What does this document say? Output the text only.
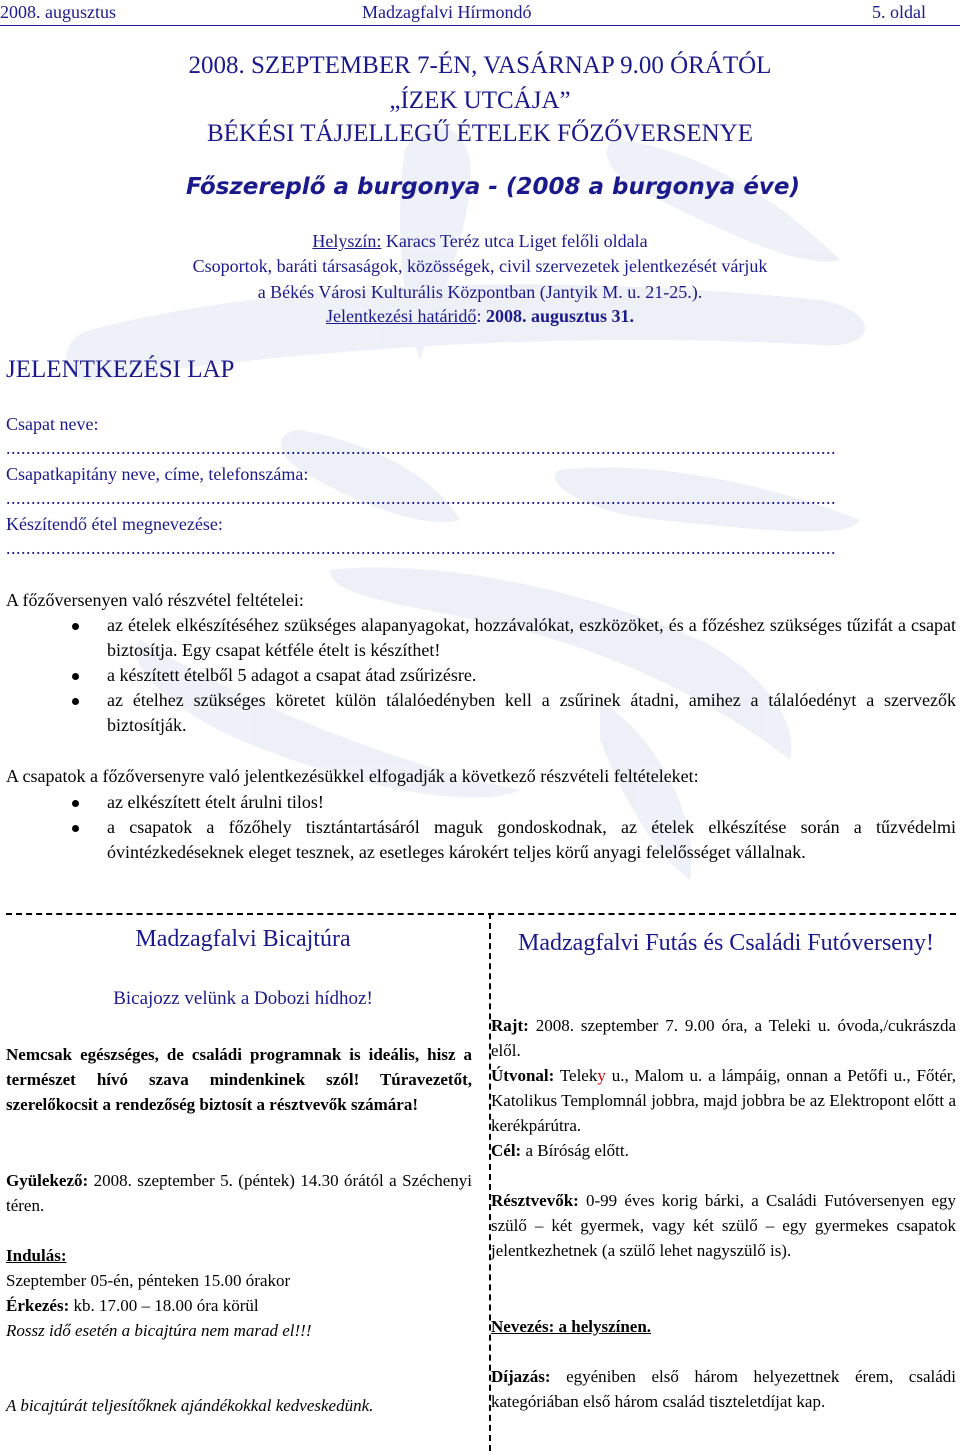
2008. augusztus	Madzagfalvi Hírmondó	5. oldal
2008. SZEPTEMBER 7-ÉN, VASÁRNAP 9.00 ÓRÁTÓL
„ÍZEK UTCÁJA”
BÉKÉSI TÁJJELLEGŰ ÉTELEK FŐZŐVERSENYE
Főszereplő a burgonya - (2008 a burgonya éve)
Helyszín: Karacs Teréz utca Liget felőli oldala
Csoportok, baráti társaságok, közösségek, civil szervezetek jelentkezését várjuk
a Békés Városi Kulturális Központban (Jantyik M. u. 21-25.).
Jelentkezési határidő: 2008. augusztus 31.
JELENTKEZÉSI LAP
Csapat neve:
......................................................................................................................................................................
Csapatkapitány neve, címe, telefonszáma:
......................................................................................................................................................................
Készítendő étel megnevezése:
......................................................................................................................................................................
A főzőversenyen való részvétel feltételei:
az ételek elkészítéséhez szükséges alapanyagokat, hozzávalókat, eszközöket, és a főzéshez szükséges tűzifát a csapat biztosítja. Egy csapat kétféle ételt is készíthet!
a készített ételből 5 adagot a csapat átad zsűrizésre.
az ételhez szükséges köretet külön tálalóedényben kell a zsűrinek átadni, amihez a tálalóedényt a szervezők biztosítják.
A csapatok a főzőversenyre való jelentkezésükkel elfogadják a következő részvételi feltételeket:
az elkészített ételt árulni tilos!
a csapatok a főzőhely tisztántartásáról maguk gondoskodnak, az ételek elkészítése során a tűzvédelmi óvintézkedéseknek eleget tesznek, az esetleges károkért teljes körű anyagi felelősséget vállalnak.
Madzagfalvi Bicajtúra
Bicajozz velünk a Dobozi hídhoz!
Nemcsak egészséges, de családi programnak is ideális, hisz a természet hívó szava mindenkinek szól! Túravezetőt, szerelőkocsit a rendezőség biztosít a résztvevők számára!
Gyülekező: 2008. szeptember 5. (péntek) 14.30 órától a Széchenyi téren.
Indulás:
Szeptember 05-én, pénteken 15.00 órakor
Érkezés: kb. 17.00 – 18.00 óra körül
Rossz idő esetén a bicajtúra nem marad el!!!
A bicajtúrát teljesítőknek ajándékokkal kedveskedünk.
Madzagfalvi Futás és Családi Futóverseny!
Rajt: 2008. szeptember 7. 9.00 óra, a Teleki u. óvoda,/cukrászda elől.
Útvonal: Teleky u., Malom u. a lámpáig, onnan a Petőfi u., Főtér, Katolikus Templomnál jobbra, majd jobbra be az Elektropont előtt a kerékpárútra.
Cél: a Bíróság előtt.
Résztvevők: 0-99 éves korig bárki, a Családi Futóversenyen egy szülő – két gyermek, vagy két szülő – egy gyermekes csapatok jelentkezhetnek (a szülő lehet nagyszülő is).
Nevezés: a helyszínen.
Díjazás: egyéniben első három helyezettnek érem, családi kategóriában első három család tiszteletdíjat kap.
